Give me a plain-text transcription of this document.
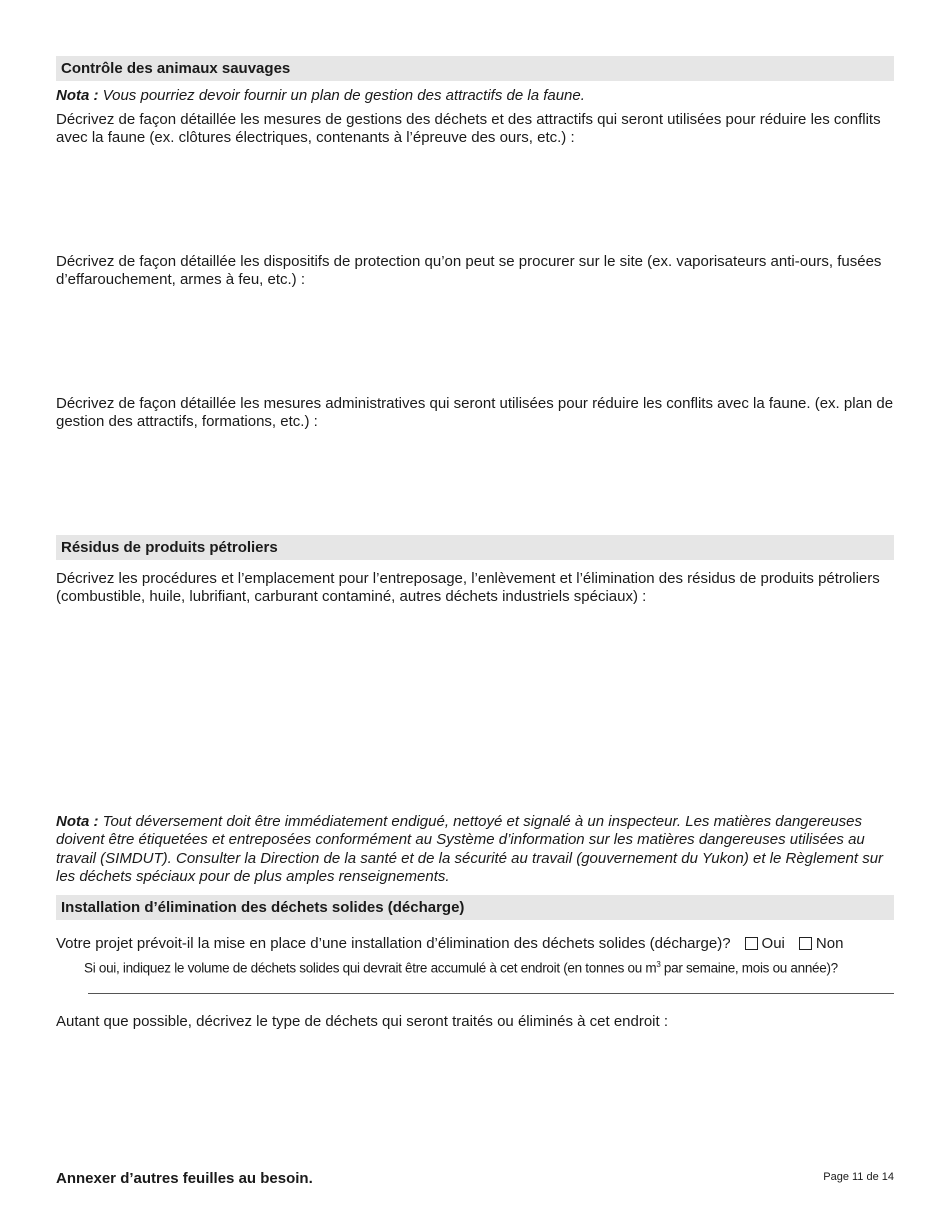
Contrôle des animaux sauvages
Nota : Vous pourriez devoir fournir un plan de gestion des attractifs de la faune.
Décrivez de façon détaillée les mesures de gestions des déchets et des attractifs qui seront utilisées pour réduire les conflits avec la faune (ex. clôtures électriques, contenants à l’épreuve des ours, etc.) :
Décrivez de façon détaillée les dispositifs de protection qu’on peut se procurer sur le site (ex. vaporisateurs anti-ours, fusées d’effarouchement, armes à feu, etc.) :
Décrivez de façon détaillée les mesures administratives qui seront utilisées pour réduire les conflits avec la faune. (ex. plan de gestion des attractifs, formations, etc.) :
Résidus de produits pétroliers
Décrivez les procédures et l’emplacement pour l’entreposage, l’enlèvement et l’élimination des résidus de produits pétroliers (combustible, huile, lubrifiant, carburant contaminé, autres déchets industriels spéciaux) :
Nota : Tout déversement doit être immédiatement endigué, nettoyé et signalé à un inspecteur. Les matières dangereuses doivent être étiquetées et entreposées conformément au Système d’information sur les matières dangereuses utilisées au travail (SIMDUT). Consulter la Direction de la santé et de la sécurité au travail (gouvernement du Yukon) et le Règlement sur les déchets spéciaux pour de plus amples renseignements.
Installation d’élimination des déchets solides (décharge)
Votre projet prévoit-il la mise en place d’une installation d’élimination des déchets solides (décharge)? Oui Non
Si oui, indiquez le volume de déchets solides qui devrait être accumulé à cet endroit (en tonnes ou $m^3$ par semaine, mois ou année)?
Autant que possible, décrivez le type de déchets qui seront traités ou éliminés à cet endroit :
Annexer d’autres feuilles au besoin.	Page 11 de 14
